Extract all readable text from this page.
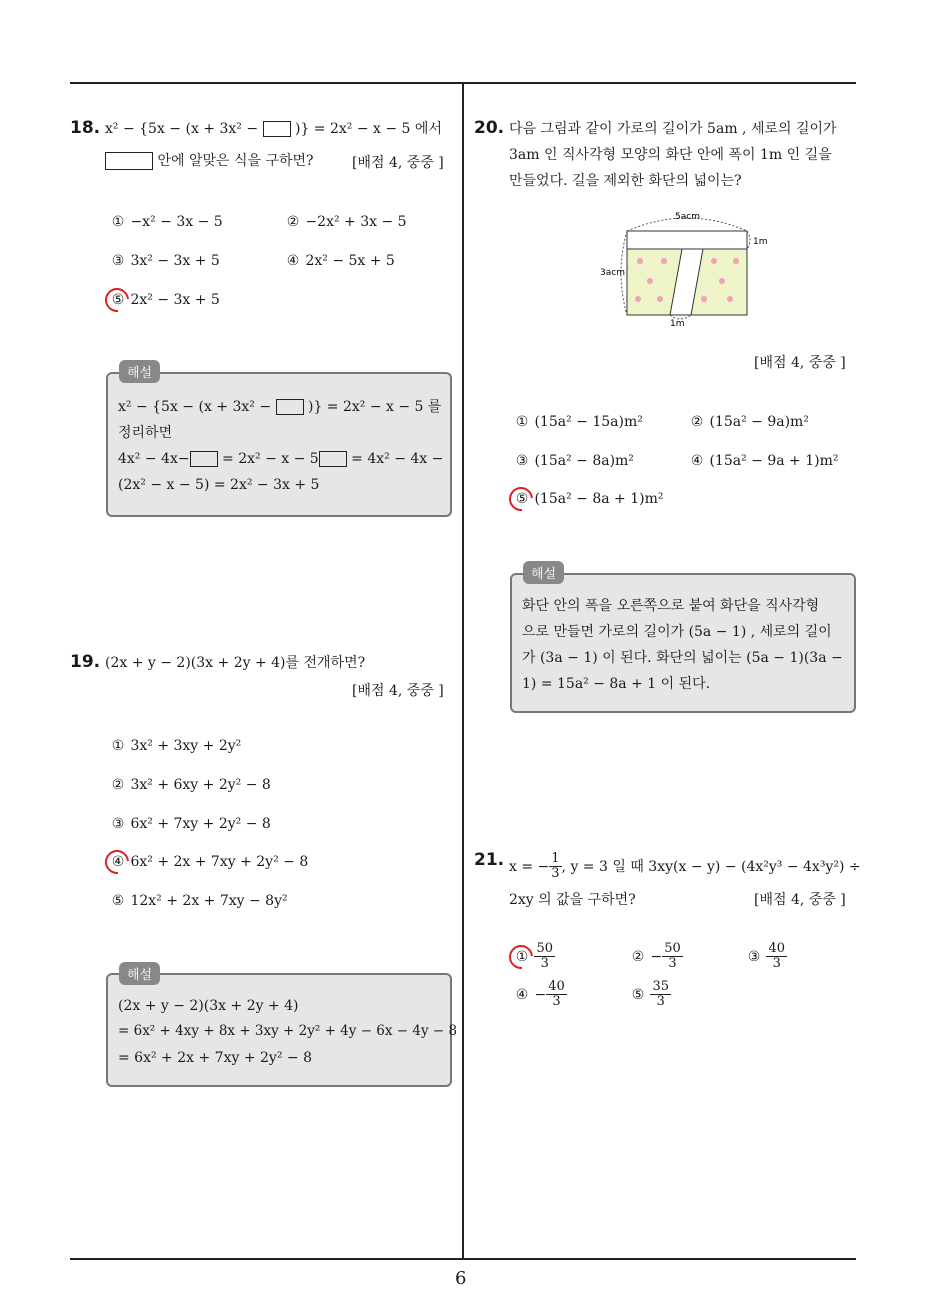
18. x² − {5x − (x + 3x² −	)} = 2x² − x − 5 에서
안에 알맞은 식을 구하면?	[배점 4, 중중 ]
① −x² − 3x − 5	② −2x² + 3x − 5
③ 3x² − 3x + 5	④ 2x² − 5x + 5
⑤ 2x² − 3x + 5
x² − {5x − (x + 3x² −	)} = 2x² − x − 5 를
정리하면
4x² − 4x− = 2x² − x − 5 = 4x² − 4x −
(2x² − x − 5) = 2x² − 3x + 5
해설
19. (2x + y − 2)(3x + 2y + 4)를 전개하면?
[배점 4, 중중 ]
① 3x² + 3xy + 2y²
② 3x² + 6xy + 2y² − 8
③ 6x² + 7xy + 2y² − 8
④ 6x² + 2x + 7xy + 2y² − 8
⑤ 12x² + 2x + 7xy − 8y²
(2x + y − 2)(3x + 2y + 4)
= 6x² + 4xy + 8x + 3xy + 2y² + 4y − 6x − 4y − 8
= 6x² + 2x + 7xy + 2y² − 8
해설
20. 다음 그림과 같이 가로의 길이가 5am , 세로의 길이가
3am 인 직사각형 모양의 화단 안에 폭이 1m 인 길을
만들었다. 길을 제외한 화단의 넓이는?
5acm
3acm
1m
1m
[배점 4, 중중 ]
① (15a² − 15a)m²	② (15a² − 9a)m²
③ (15a² − 8a)m²	④ (15a² − 9a + 1)m²
⑤ (15a² − 8a + 1)m²
화단 안의 폭을 오른쪽으로 붙여 화단을 직사각형
으로 만들면 가로의 길이가 (5a − 1) , 세로의 길이
가 (3a − 1) 이 된다. 화단의 넓이는 (5a − 1)(3a −
1) = 15a² − 8a + 1 이 된다.
해설
21. x = − $\frac{1}{3}$ , y = 3 일 때 3xy(x − y) − (4x²y³ − 4x³y²) ÷
2xy 의 값을 구하면?	[배점 4, 중중 ]
① $\frac{50}{3}$	② − $\frac{50}{3}$	③ $\frac{40}{3}$
④ − $\frac{40}{3}$	⑤ $\frac{35}{3}$
6
